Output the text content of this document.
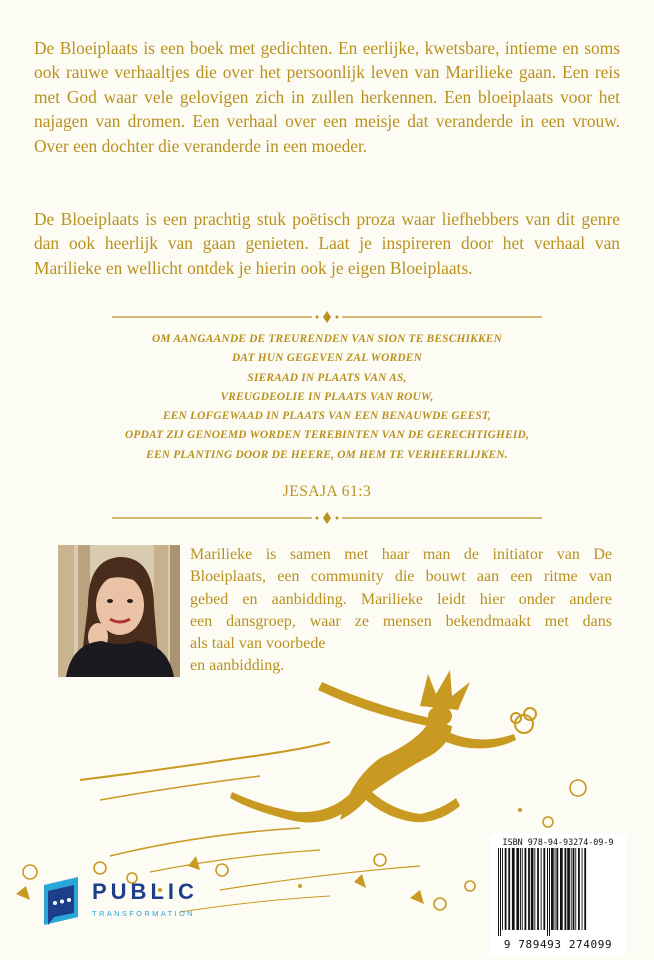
De Bloeiplaats is een boek met gedichten. En eerlijke, kwetsbare, intieme en soms ook rauwe verhaaltjes die over het persoonlijk leven van Marilieke gaan. Een reis met God waar vele gelovigen zich in zullen herkennen. Een bloeiplaats voor het najagen van dromen. Een verhaal over een meisje dat veranderde in een vrouw. Over een dochter die veranderde in een moeder.

De Bloeiplaats is een prachtig stuk poëtisch proza waar liefhebbers van dit genre dan ook heerlijk van gaan genieten. Laat je inspireren door het verhaal van Marilieke en wellicht ontdek je hierin ook je eigen Bloeiplaats.

OM AANGAANDE DE TREURENDEN VAN SION TE BESCHIKKEN
DAT HUN GEGEVEN ZAL WORDEN
SIERAAD IN PLAATS VAN AS,
VREUGDEOLIE IN PLAATS VAN ROUW,
EEN LOFGEWAAD IN PLAATS VAN EEN BENAUWDE GEEST,
OPDAT ZIJ GENOEMD WORDEN TEREBINTEN VAN DE GERECHTIGHEID,
EEN PLANTING DOOR DE HEERE, OM HEM TE VERHEERLIJKEN.
JESAJA 61:3
Marilieke is samen met haar man de initiator van De
Bloeiplaats, een community die bouwt aan een ritme van
gebed en aanbidding. Marilieke leidt hier onder andere
een dansgroep, waar ze mensen bekendmaakt met dans
als taal van voorbede
en aanbidding.
PUBLIC
TRANSFORMATION
ISBN 978-94-93274-09-9
9 789493 274099
